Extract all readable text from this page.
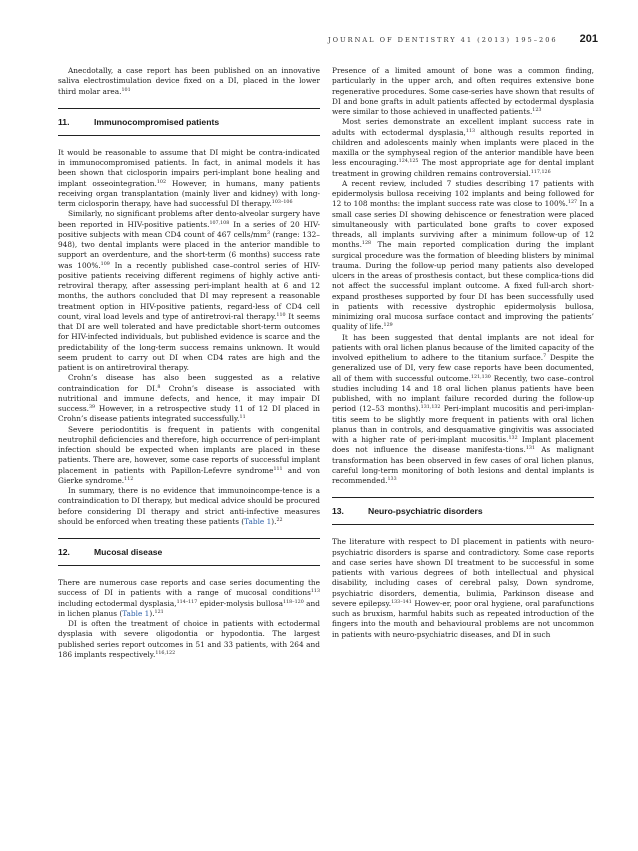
JOURNAL OF DENTISTRY 41 (2013) 195–206 201

Anecdotally, a case report has been published on an innovative saliva electrostimulation device fixed on a DI, placed in the lower third molar area.$^{101}$

11.	Immunocompromised patients

It would be reasonable to assume that DI might be contra-indicated in immunocompromised patients. In fact, in animal models it has been shown that ciclosporin impairs peri-implant bone healing and implant osseointegration.$^{102}$ However, in humans, many patients receiving organ transplantation (mainly liver and kidney) with long-term ciclosporin therapy, have had successful DI therapy.$^{103-106}$

Similarly, no significant problems after dento-alveolar surgery have been reported in HIV-positive patients.$^{107,108}$ In a series of 20 HIV-positive subjects with mean CD4 count of 467 cells/$mm^3$ (range: 132–948), two dental implants were placed in the anterior mandible to support an overdenture, and the short-term (6 months) success rate was 100%.$^{109}$ In a recently published case–control series of HIV-positive patients receiving different regimens of highly active anti-retroviral therapy, after assessing peri-implant health at 6 and 12 months, the authors concluded that DI may represent a reasonable treatment option in HIV-positive patients, regard-less of CD4 cell count, viral load levels and type of antiretrovi-ral therapy.$^{110}$ It seems that DI are well tolerated and have predictable short-term outcomes for HIV-infected individuals, but published evidence is scarce and the predictability of the long-term success remains unknown. It would seem prudent to carry out DI when CD4 rates are high and the patient is on antiretroviral therapy.

Crohn’s disease has also been suggested as a relative contraindication for DI.$^8$ Crohn’s disease is associated with nutritional and immune defects, and hence, it may impair DI success.$^{39}$ However, in a retrospective study 11 of 12 DI placed in Crohn’s disease patients integrated successfully.$^{11}$

Severe periodontitis is frequent in patients with congenital neutrophil deficiencies and therefore, high occurrence of peri-implant infection should be expected when implants are placed in these patients. There are, however, some case reports of successful implant placement in patients with Papillon-Lefevre syndrome$^{111}$ and von Gierke syndrome.$^{112}$

In summary, there is no evidence that immunoincompe-tence is a contraindication to DI therapy, but medical advice should be procured before considering DI therapy and strict anti-infective measures should be enforced when treating these patients (Table 1).$^{22}$

12.	Mucosal disease

There are numerous case reports and case series documenting the success of DI in patients with a range of mucosal conditions$^{113}$ including ectodermal dysplasia,$^{114-117}$ epider-molysis bullosa$^{118-120}$ and in lichen planus (Table 1).$^{121}$

DI is often the treatment of choice in patients with ectodermal dysplasia with severe oligodontia or hypodontia. The largest published series report outcomes in 51 and 33 patients, with 264 and 186 implants respectively.$^{116,122}$

Presence of a limited amount of bone was a common finding, particularly in the upper arch, and often requires extensive bone regenerative procedures. Some case-series have shown that results of DI and bone grafts in adult patients affected by ectodermal dysplasia were similar to those achieved in unaffected patients.$^{123}$

Most series demonstrate an excellent implant success rate in adults with ectodermal dysplasia,$^{113}$ although results reported in children and adolescents mainly when implants were placed in the maxilla or the symphyseal region of the anterior mandible have been less encouraging.$^{124,125}$ The most appropriate age for dental implant treatment in growing children remains controversial.$^{117,126}$

A recent review, included 7 studies describing 17 patients with epidermolysis bullosa receiving 102 implants and being followed for 12 to 108 months: the implant success rate was close to 100%.$^{127}$ In a small case series DI showing dehiscence or fenestration were placed simultaneously with particulated bone grafts to cover exposed threads, all implants surviving after a minimum follow-up of 12 months.$^{128}$ The main reported complication during the implant surgical procedure was the formation of bleeding blisters by minimal trauma. During the follow-up period many patients also developed ulcers in the areas of prosthesis contact, but these complica-tions did not affect the successful implant outcome. A fixed full-arch short-expand prostheses supported by four DI has been successfully used in patients with recessive dystrophic epidermolysis bullosa, minimizing oral mucosa surface contact and improving the patients’ quality of life.$^{129}$

It has been suggested that dental implants are not ideal for patients with oral lichen planus because of the limited capacity of the involved epithelium to adhere to the titanium surface.$^7$ Despite the generalized use of DI, very few case reports have been documented, all of them with successful outcome.$^{121,130}$ Recently, two case–control studies including 14 and 18 oral lichen planus patients have been published, with no implant failure recorded during the follow-up period (12–53 months).$^{131,132}$ Peri-implant mucositis and peri-implan-titis seem to be slightly more frequent in patients with oral lichen planus than in controls, and desquamative gingivitis was associated with a higher rate of peri-implant mucositis.$^{132}$ Implant placement does not influence the disease manifesta-tions.$^{131}$ As malignant transformation has been observed in few cases of oral lichen planus, careful long-term monitoring of both lesions and dental implants is recommended.$^{133}$

13.	Neuro-psychiatric disorders

The literature with respect to DI placement in patients with neuro-psychiatric disorders is sparse and contradictory. Some case reports and case series have shown DI treatment to be successful in some patients with various degrees of both intellectual and physical disability, including cases of cerebral palsy, Down syndrome, psychiatric disorders, dementia, bulimia, Parkinson disease and severe epilepsy.$^{133-141}$ Howev-er, poor oral hygiene, oral parafunctions such as bruxism, harmful habits such as repeated introduction of the fingers into the mouth and behavioural problems are not uncommon in patients with neuro-psychiatric diseases, and DI in such
